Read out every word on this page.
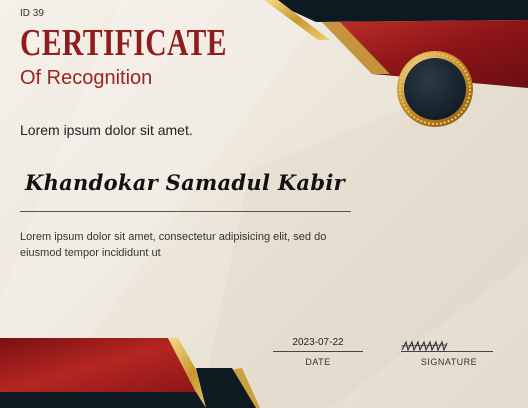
ID 39
CERTIFICATE
Of Recognition
Lorem ipsum dolor sit amet.
Khandokar Samadul Kabir
Lorem ipsum dolor sit amet, consectetur adipisicing elit, sed do eiusmod tempor incididunt ut
2023-07-22
DATE	SIGNATURE
